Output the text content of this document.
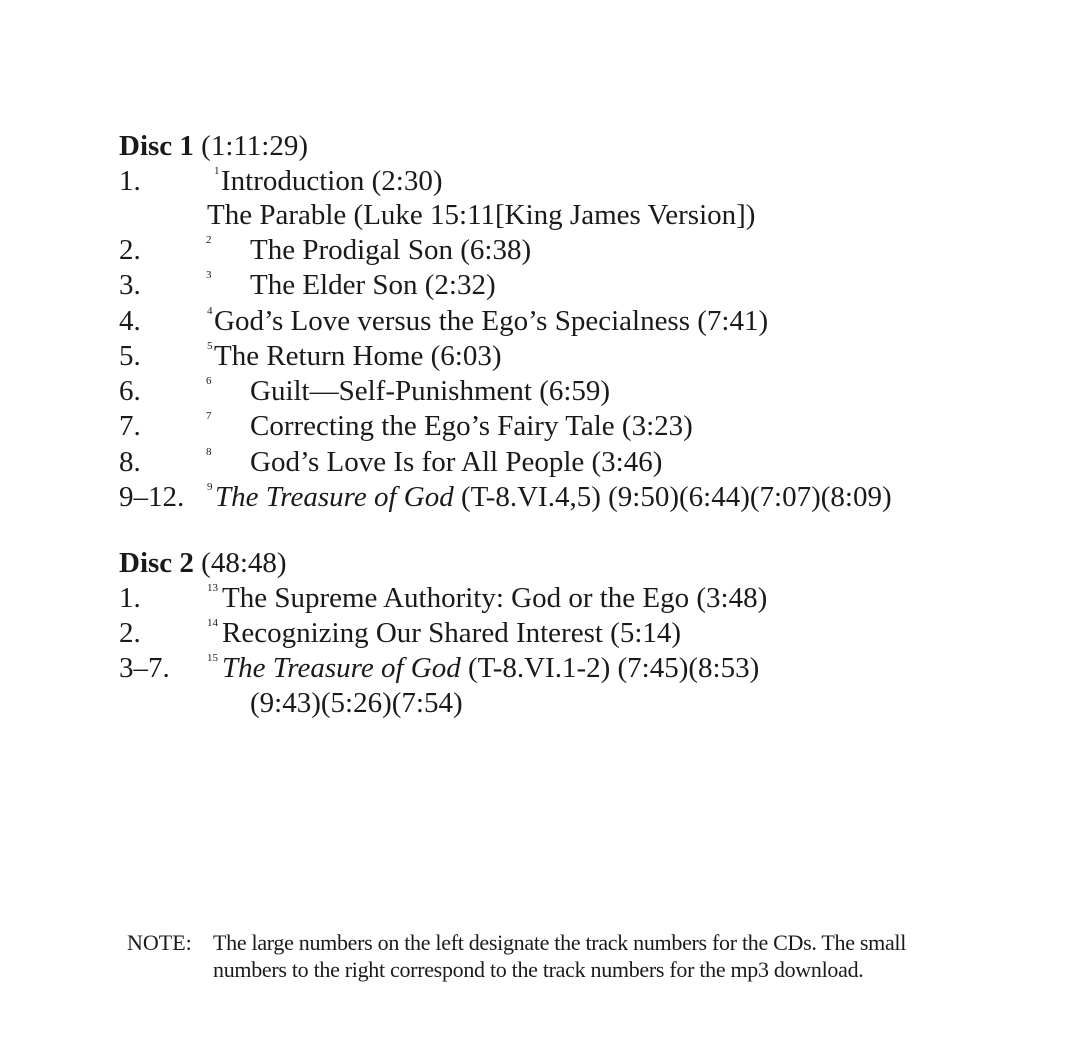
Disc 1 (1:11:29)
1.	1 Introduction (2:30)
The Parable (Luke 15:11[King James Version])
2.	2 The Prodigal Son (6:38)
3.	3 The Elder Son (2:32)
4.	4 God’s Love versus the Ego’s Specialness (7:41)
5.	5 The Return Home (6:03)
6.	6 Guilt—Self-Punishment (6:59)
7.	7 Correcting the Ego’s Fairy Tale (3:23)
8.	8 God’s Love Is for All People (3:46)
9–12. 9 The Treasure of God (T-8.VI.4,5) (9:50)(6:44)(7:07)(8:09)
Disc 2 (48:48)
1.	13 The Supreme Authority: God or the Ego (3:48)
2.	14 Recognizing Our Shared Interest (5:14)
3–7.	15 The Treasure of God (T-8.VI.1-2) (7:45)(8:53)
(9:43)(5:26)(7:54)
NOTE: The large numbers on the left designate the track numbers for the CDs. The small
numbers to the right correspond to the track numbers for the mp3 download.
